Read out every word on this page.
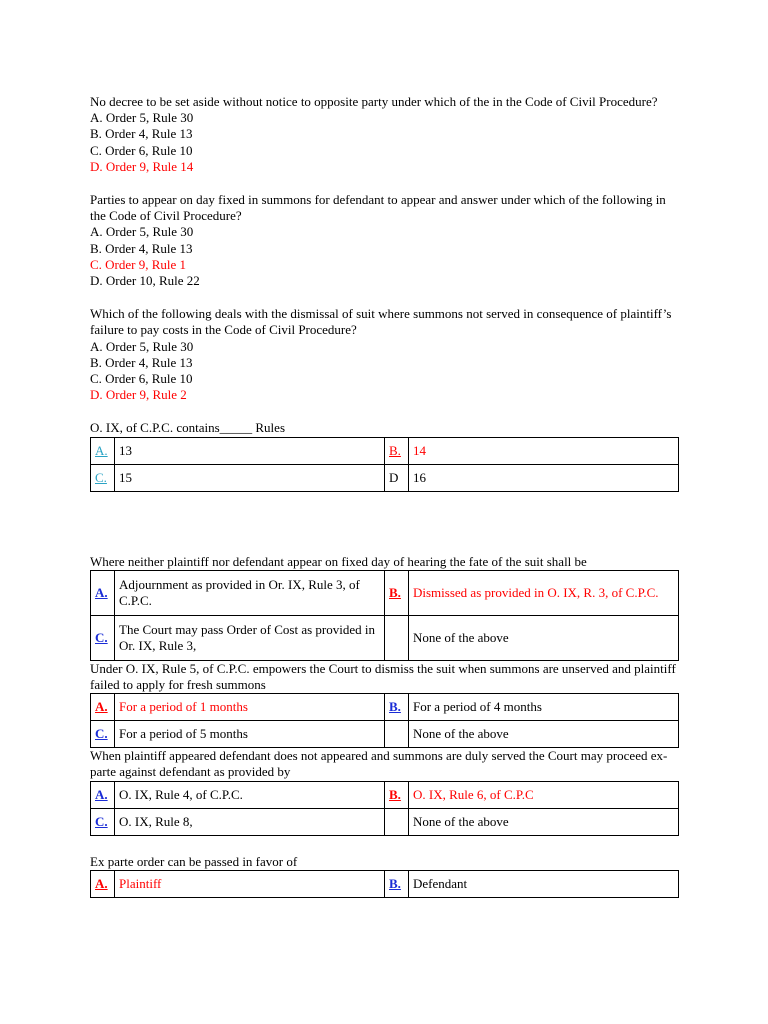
No decree to be set aside without notice to opposite party under which of the in the Code of Civil Procedure?

A. Order 5, Rule 30

B. Order 4, Rule 13

C. Order 6, Rule 10

D. Order 9, Rule 14

Parties to appear on day fixed in summons for defendant to appear and answer under which of the following in the Code of Civil Procedure?

A. Order 5, Rule 30

B. Order 4, Rule 13

C. Order 9, Rule 1

D. Order 10, Rule 22

Which of the following deals with the dismissal of suit where summons not served in consequence of plaintiff’s failure to pay costs in the Code of Civil Procedure?

A. Order 5, Rule 30

B. Order 4, Rule 13

C. Order 6, Rule 10

D. Order 9, Rule 2

O. IX, of C.P.C. contains_____ Rules

A.	13	B.	14
C.	15	D	16

Where neither plaintiff nor defendant appear on fixed day of hearing the fate of the suit shall be

A.	Adjournment as provided in Or. IX, Rule 3, of C.P.C.	B.	Dismissed as provided in O. IX, R. 3, of C.P.C.
C.	The Court may pass Order of Cost as provided in Or. IX, Rule 3,		None of the above

Under O. IX, Rule 5, of C.P.C. empowers the Court to dismiss the suit when summons are unserved and plaintiff failed to apply for fresh summons

A.	For a period of 1 months	B.	For a period of 4 months
C.	For a period of 5 months		None of the above

When plaintiff appeared defendant does not appeared and summons are duly served the Court may proceed ex-parte against defendant as provided by

A.	O. IX, Rule 4, of C.P.C.	B.	O. IX, Rule 6, of C.P.C
C.	O. IX, Rule 8,		None of the above

Ex parte order can be passed in favor of

A.	Plaintiff	B.	Defendant
